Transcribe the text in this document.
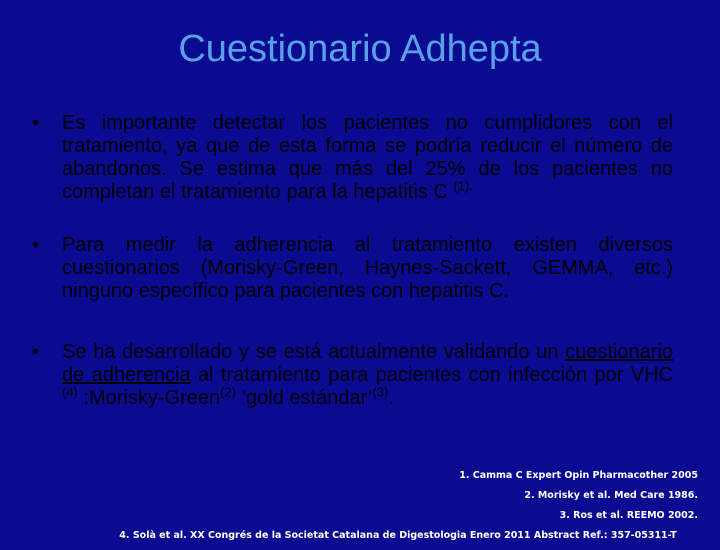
Cuestionario Adhepta
•	Es importante detectar los pacientes no cumplidores con el tratamiento, ya que de esta forma se podría reducir el número de abandonos. Se estima que más del 25% de los pacientes no completan el tratamiento para la hepatitis C $^{(1).}$
•	Para medir la adherencia al tratamiento existen diversos cuestionarios (Morisky-Green, Haynes-Sackett, GEMMA, etc.) ninguno específico para pacientes con hepatitis C.
•	Se ha desarrollado y se está actualmente validando un cuestionario de adherencia al tratamiento para pacientes con infección por VHC $^{(4)}$ :Morisky-Green$^{(2)}$ ‘gold estándar’$^{(3)}$.
1. Camma C Expert Opin Pharmacother 2005
2. Morisky et al. Med Care 1986.
3. Ros et al. REEMO 2002.
4. Solà et al. XX Congrés de la Societat Catalana de Digestologia Enero 2011 Abstract Ref.: 357-05311-T
